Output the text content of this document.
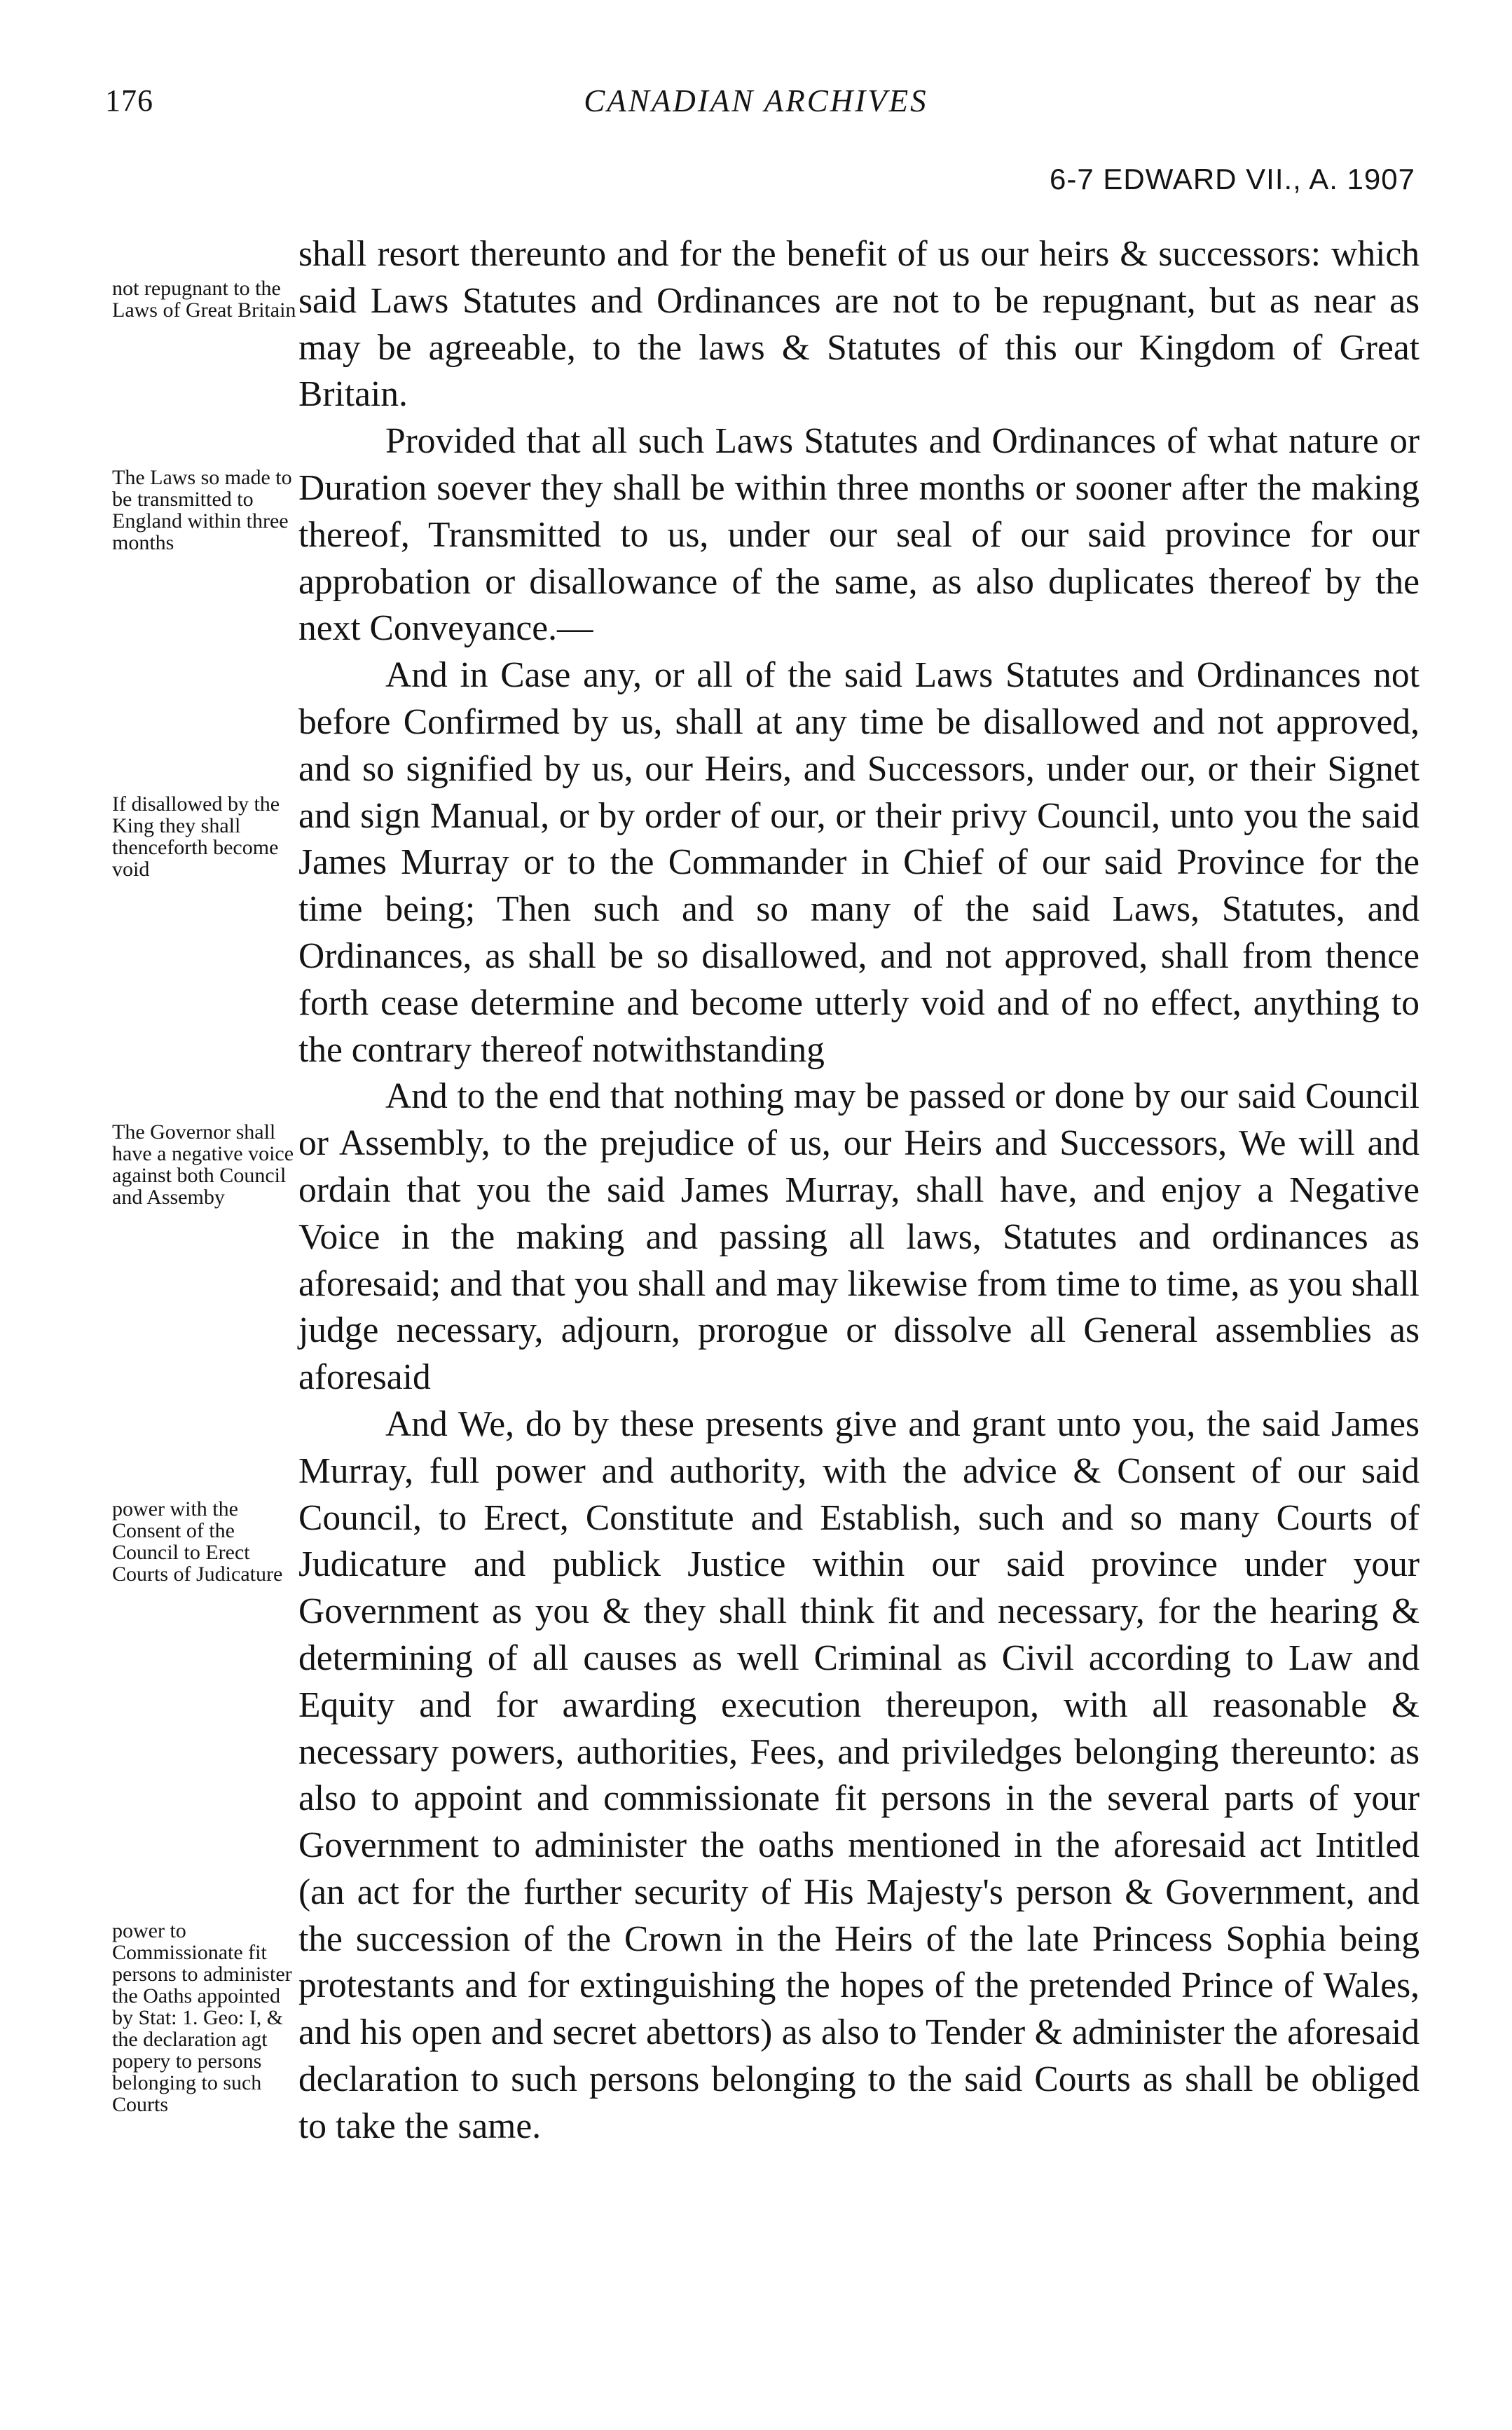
176	CANADIAN ARCHIVES
6-7 EDWARD VII., A. 1907
not repugnant to the Laws of Great Britain
The Laws so made to be transmitted to England within three months
If disallowed by the King they shall thenceforth become void
The Governor shall have a negative voice against both Council and Assemby
power with the Consent of the Council to Erect Courts of Judicature
power to Commissionate fit persons to administer the Oaths appointed by Stat: 1. Geo: I, & the declaration agt popery to persons belonging to such Courts

shall resort thereunto and for the benefit of us our heirs & successors: which said Laws Statutes and Ordinances are not to be repugnant, but as near as may be agreeable, to the laws & Statutes of this our Kingdom of Great Britain.

Provided that all such Laws Statutes and Ordinances of what nature or Duration soever they shall be within three months or sooner after the making thereof, Transmitted to us, under our seal of our said province for our approbation or disallowance of the same, as also duplicates thereof by the next Conveyance.—

And in Case any, or all of the said Laws Statutes and Ordinances not before Confirmed by us, shall at any time be disallowed and not approved, and so signified by us, our Heirs, and Successors, under our, or their Signet and sign Manual, or by order of our, or their privy Council, unto you the said James Murray or to the Commander in Chief of our said Province for the time being; Then such and so many of the said Laws, Statutes, and Ordinances, as shall be so disallowed, and not approved, shall from thence forth cease determine and become utterly void and of no effect, anything to the contrary thereof notwithstanding

And to the end that nothing may be passed or done by our said Council or Assembly, to the prejudice of us, our Heirs and Successors, We will and ordain that you the said James Murray, shall have, and enjoy a Negative Voice in the making and passing all laws, Statutes and ordinances as aforesaid; and that you shall and may likewise from time to time, as you shall judge necessary, adjourn, prorogue or dissolve all General assemblies as aforesaid

And We, do by these presents give and grant unto you, the said James Murray, full power and authority, with the advice & Consent of our said Council, to Erect, Constitute and Establish, such and so many Courts of Judicature and publick Justice within our said province under your Government as you & they shall think fit and necessary, for the hearing & determining of all causes as well Criminal as Civil according to Law and Equity and for awarding execution thereupon, with all reasonable & necessary powers, authorities, Fees, and priviledges belonging thereunto: as also to appoint and commissionate fit persons in the several parts of your Government to administer the oaths mentioned in the aforesaid act Intitled (an act for the further security of His Majesty's person & Government, and the succession of the Crown in the Heirs of the late Princess Sophia being protestants and for extinguishing the hopes of the pretended Prince of Wales, and his open and secret abettors) as also to Tender & administer the aforesaid declaration to such persons belonging to the said Courts as shall be obliged to take the same.
